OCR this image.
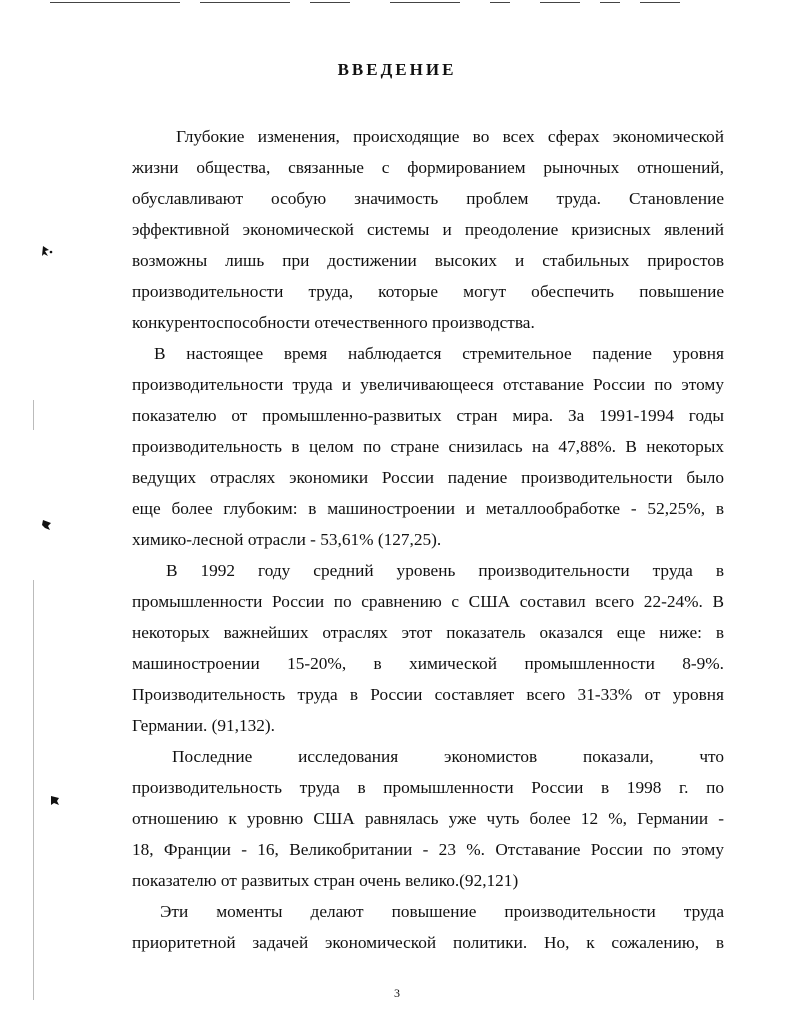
ВВЕДЕНИЕ
Глубокие изменения, происходящие во всех сферах экономической
жизни общества, связанные с формированием рыночных отношений,
обуславливают особую значимость проблем труда. Становление
эффективной экономической системы и преодоление кризисных явлений
возможны лишь при достижении высоких и стабильных приростов
производительности труда, которые могут обеспечить повышение
конкурентоспособности отечественного производства.
В настоящее время наблюдается стремительное падение уровня
производительности труда и увеличивающееся отставание России по этому
показателю от промышленно-развитых стран мира. За 1991-1994 годы
производительность в целом по стране снизилась на 47,88%. В некоторых
ведущих отраслях экономики России падение производительности было
еще более глубоким: в машиностроении и металлообработке - 52,25%, в
химико-лесной отрасли - 53,61% (127,25).
В 1992 году средний уровень производительности труда в
промышленности России по сравнению с США составил всего 22-24%. В
некоторых важнейших отраслях этот показатель оказался еще ниже: в
машиностроении 15-20%, в химической промышленности 8-9%.
Производительность труда в России составляет всего 31-33% от уровня
Германии. (91,132).
Последние исследования экономистов показали, что
производительность труда в промышленности России в 1998 г. по
отношению к уровню США равнялась уже чуть более 12 %, Германии -
18, Франции - 16, Великобритании - 23 %. Отставание России по этому
показателю от развитых стран очень велико.(92,121)
Эти моменты делают повышение производительности труда
приоритетной задачей экономической политики. Но, к сожалению, в
3
